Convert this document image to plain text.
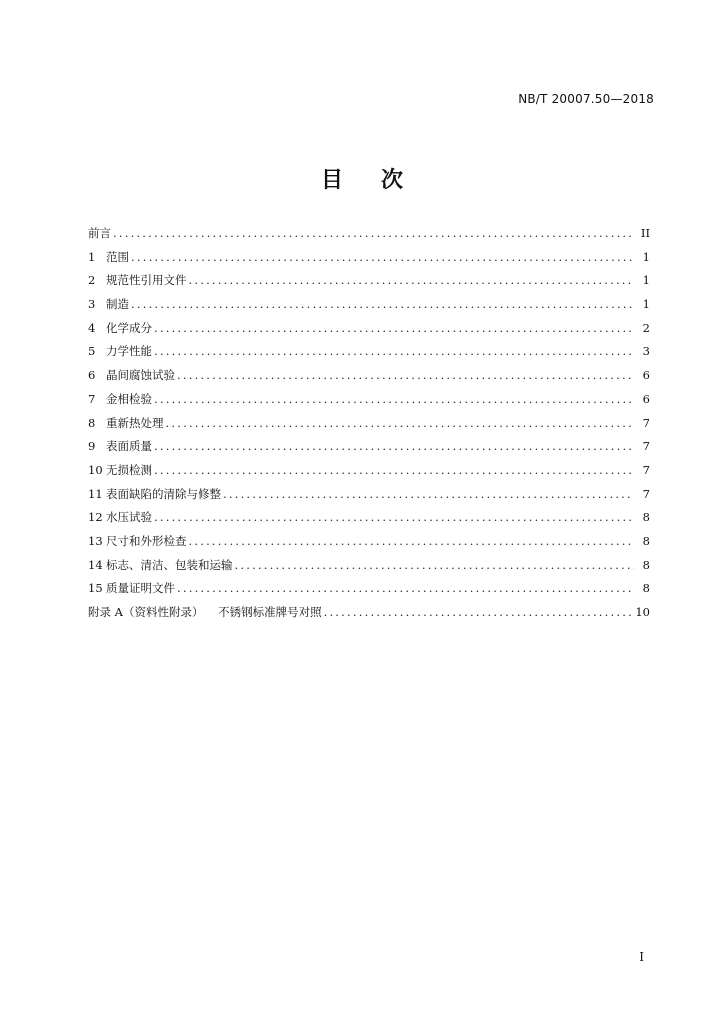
NB/T 20007.50—2018
目 次
前言 .....	II
1 范围 .....	1
2 规范性引用文件 .....	1
3 制造 .....	1
4 化学成分 .....	2
5 力学性能 .....	3
6 晶间腐蚀试验 .....	6
7 金相检验 .....	6
8 重新热处理 .....	7
9 表面质量 .....	7
10 无损检测 .....	7
11 表面缺陷的清除与修整 .....	7
12 水压试验 .....	8
13 尺寸和外形检查 .....	8
14 标志、清洁、包装和运输 .....	8
15 质量证明文件 .....	8
附录 A（资料性附录）    不锈钢标准牌号对照 .....	10
I
